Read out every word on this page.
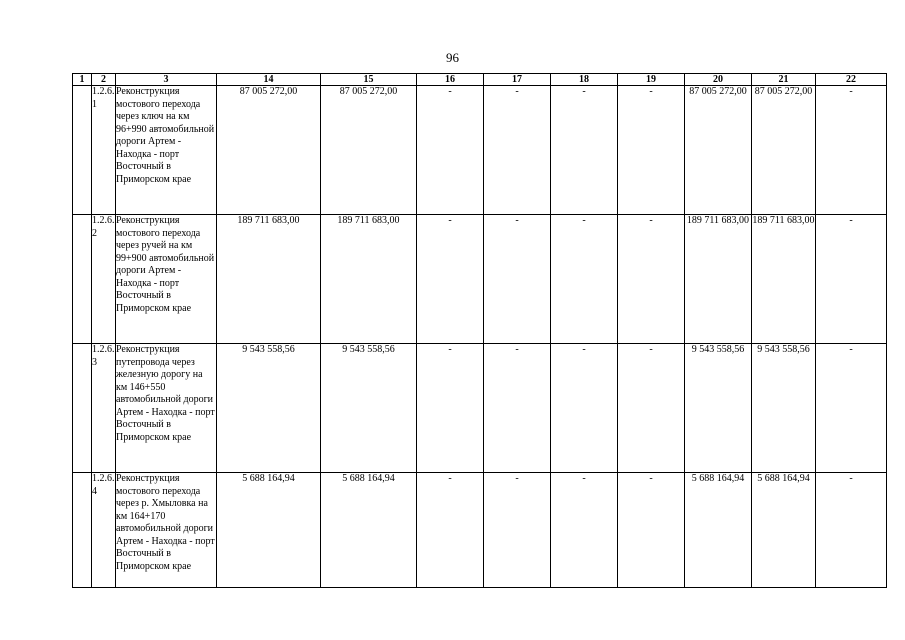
96
1	2	3	14	15	16	17	18	19	20	21	22
	1.2.6.1	Реконструкция мостового перехода через ключ на км 96+990 автомобильной дороги Артем - Находка - порт Восточный в Приморском крае	87 005 272,00	87 005 272,00	-	-	-	-	87 005 272,00	87 005 272,00	-
	1.2.6.2	Реконструкция мостового перехода через ручей на км 99+900 автомобильной дороги Артем - Находка - порт Восточный в Приморском крае	189 711 683,00	189 711 683,00	-	-	-	-	189 711 683,00	189 711 683,00	-
	1.2.6.3	Реконструкция путепровода через железную дорогу на км 146+550 автомобильной дороги Артем - Находка - порт Восточный в Приморском крае	9 543 558,56	9 543 558,56	-	-	-	-	9 543 558,56	9 543 558,56	-
	1.2.6.4	Реконструкция мостового перехода через р. Хмыловка на км 164+170 автомобильной дороги Артем - Находка - порт Восточный в Приморском крае	5 688 164,94	5 688 164,94	-	-	-	-	5 688 164,94	5 688 164,94	-
